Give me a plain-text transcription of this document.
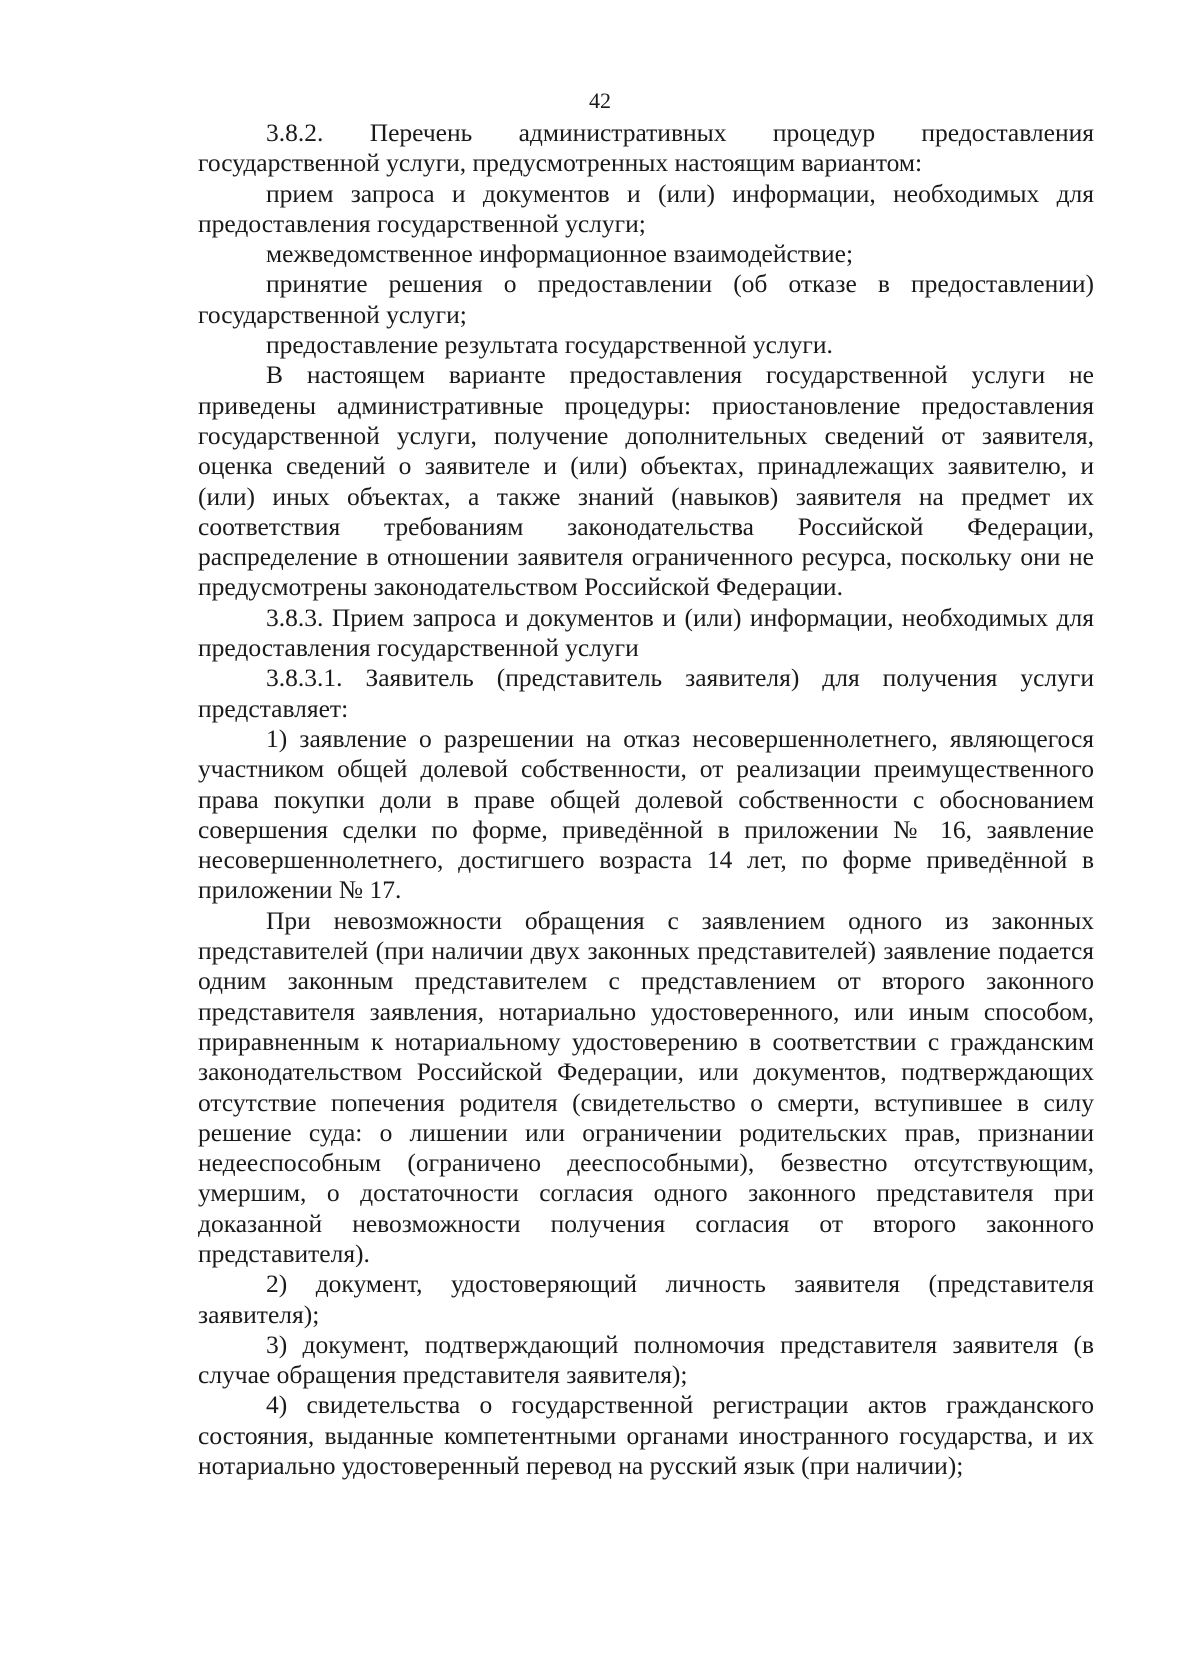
42

3.8.2. Перечень административных процедур предоставления государственной услуги, предусмотренных настоящим вариантом:

прием запроса и документов и (или) информации, необходимых для предоставления государственной услуги;

межведомственное информационное взаимодействие;

принятие решения о предоставлении (об отказе в предоставлении) государственной услуги;

предоставление результата государственной услуги.

В настоящем варианте предоставления государственной услуги не приведены административные процедуры: приостановление предоставления государственной услуги, получение дополнительных сведений от заявителя, оценка сведений о заявителе и (или) объектах, принадлежащих заявителю, и (или) иных объектах, а также знаний (навыков) заявителя на предмет их соответствия требованиям законодательства Российской Федерации, распределение в отношении заявителя ограниченного ресурса, поскольку они не предусмотрены законодательством Российской Федерации.

3.8.3. Прием запроса и документов и (или) информации, необходимых для предоставления государственной услуги

3.8.3.1. Заявитель (представитель заявителя) для получения услуги представляет:

1) заявление о разрешении на отказ несовершеннолетнего, являющегося участником общей долевой собственности, от реализации преимущественного права покупки доли в праве общей долевой собственности с обоснованием совершения сделки по форме, приведённой в приложении № 16, заявление несовершеннолетнего, достигшего возраста 14 лет, по форме приведённой в приложении № 17.

При невозможности обращения с заявлением одного из законных представителей (при наличии двух законных представителей) заявление подается одним законным представителем с представлением от второго законного представителя заявления, нотариально удостоверенного, или иным способом, приравненным к нотариальному удостоверению в соответствии с гражданским законодательством Российской Федерации, или документов, подтверждающих отсутствие попечения родителя (свидетельство о смерти, вступившее в силу решение суда: о лишении или ограничении родительских прав, признании недееспособным (ограничено дееспособными), безвестно отсутствующим, умершим, о достаточности согласия одного законного представителя при доказанной невозможности получения согласия от второго законного представителя).

2) документ, удостоверяющий личность заявителя (представителя заявителя);

3) документ, подтверждающий полномочия представителя заявителя (в случае обращения представителя заявителя);

4) свидетельства о государственной регистрации актов гражданского состояния, выданные компетентными органами иностранного государства, и их нотариально удостоверенный перевод на русский язык (при наличии);
